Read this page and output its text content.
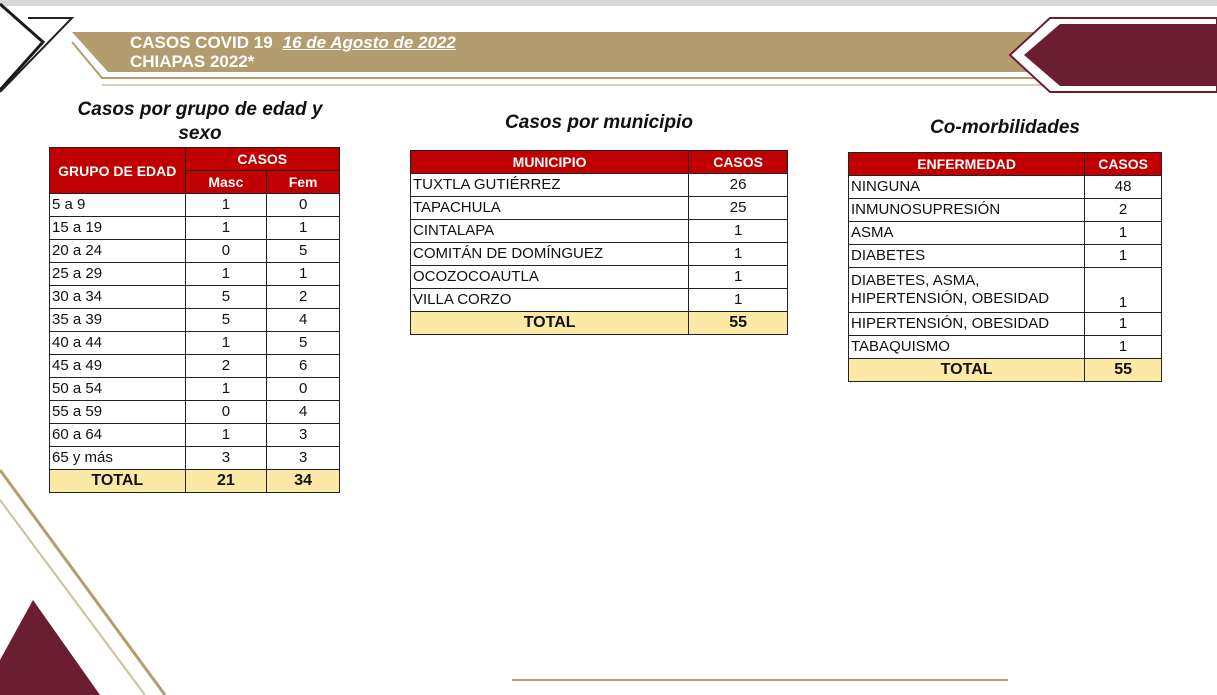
CASOS COVID 19 16 de Agosto de 2022
CHIAPAS 2022*
Casos por grupo de edad y sexo
GRUPO DE EDAD	CASOS	
	Masc	Fem
5 a 9	1	0
15 a 19	1	1
20 a 24	0	5
25 a 29	1	1
30 a 34	5	2
35 a 39	5	4
40 a 44	1	5
45 a 49	2	6
50 a 54	1	0
55 a 59	0	4
60 a 64	1	3
65 y más	3	3
TOTAL	21	34
Casos por municipio
MUNICIPIO	CASOS
TUXTLA GUTIÉRREZ	26
TAPACHULA	25
CINTALAPA	1
COMITÁN DE DOMÍNGUEZ	1
OCOZOCOAUTLA	1
VILLA CORZO	1
TOTAL	55
Co-morbilidades
ENFERMEDAD	CASOS
NINGUNA	48
INMUNOSUPRESIÓN	2
ASMA	1
DIABETES	1
DIABETES, ASMA, HIPERTENSIÓN, OBESIDAD	1
HIPERTENSIÓN, OBESIDAD	1
TABAQUISMO	1
TOTAL	55
